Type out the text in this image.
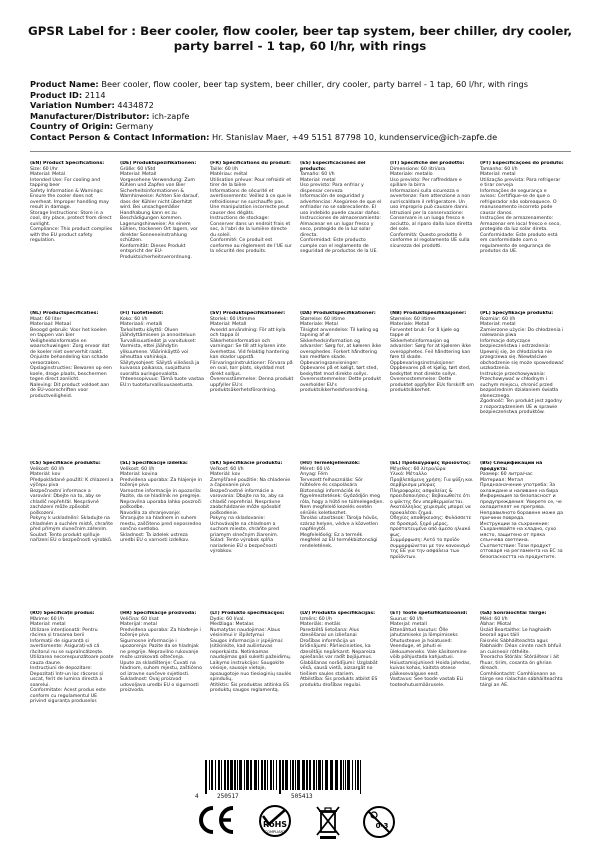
GPSR Label for : Beer cooler, flow cooler, beer tap system, beer chiller, dry cooler, party barrel - 1 tap, 60 l/hr, with rings
Product Name: Beer cooler, flow cooler, beer tap system, beer chiller, dry cooler, party barrel - 1 tap, 60 l/hr, with rings
Product ID: 2114
Variation Number: 4434872
Manufacturer/Distributor: ich-zapfe
Country of Origin: Germany
Contact Person & Contact Information: Hr. Stanislav Maer, +49 5151 87798 10, kundenservice@ich-zapfe.de
(EN) Product Specifications:
Size: 60 l/hr
Material: Metal
Intended Use: For cooling and tapping beer
Safety Information & Warnings: Ensure the cooler does not overheat. Improper handling may result in damage.
Storage Instructions: Store in a cool, dry place, protect from direct sunlight.
Compliance: This product complies with the EU product safety regulation.
(DE) Produktspezifikationen:
Größe: 60 l/Std
Material: Metall
Vorgesehene Verwendung: Zum Kühlen und Zapfen von Bier
Sicherheitsinformationen & Warnhinweise: Achten Sie darauf, dass der Kühler nicht überhitzt wird. Bei unsachgemäßer Handhabung kann es zu Beschädigungen kommen.
Lagerungshinweise: An einem kühlen, trockenen Ort lagern, vor direkter Sonneneinstrahlung schützen.
Konformität: Dieses Produkt entspricht der EU-Produktsicherheitsverordnung.
(FR) Spécifications du produit:
Taille: 60 l/h
Matériau: métal
Utilisation prévue: Pour refroidir et tirer de la bière
Informations de sécurité et avertissements: Veillez à ce que le refroidisseur ne surchauffe pas. Une manipulation incorrecte peut causer des dégâts.
Instructions de stockage: Conserver dans un endroit frais et sec, à l'abri de la lumière directe du soleil.
Conformité: Ce produit est conforme au règlement de l'UE sur la sécurité des produits.
(ES) Especificaciones del producto:
Tamaño: 60 l/h
Material: metal
Uso previsto: Para enfriar y dispensar cerveza
Información de seguridad y advertencias: Asegúrese de que el enfriador no se sobrecaliente. El uso indebido puede causar daños.
Instrucciones de almacenamiento: Almacenar en un lugar fresco y seco, protegido de la luz solar directa.
Conformidad: Este producto cumple con el reglamento de seguridad de productos de la UE.
(IT) Specifiche del prodotto:
Dimensione: 60 litri/ora
Materiale: metallo
Uso previsto: Per raffreddare e spillare la birra
Informazioni sulla sicurezza e avvertenze: Fare attenzione a non surriscaldare il refrigeratore. Un uso improprio può causare danni.
Istruzioni per la conservazione: Conservare in un luogo fresco e asciutto, al riparo dalla luce diretta del sole.
Conformità: Questo prodotto è conforme al regolamento UE sulla sicurezza dei prodotti.
(PT) Especificações do produto:
Tamanho: 60 l/h
Material: metal
Utilização prevista: Para refrigerar e tirar cerveja
Informações de segurança e avisos: Certifique-se de que o refrigerador não sobreaquece. O manuseamento incorreto pode causar danos.
Instruções de armazenamento: Armazenar em local fresco e seco, protegido da luz solar direta.
Conformidade: Este produto está em conformidade com o regulamento de segurança de produtos da UE.
(NL) Productspecificaties:
Maat: 60 liter
Materiaal: Metaal
Beoogd gebruik: Voor het koelen en tappen van bier
Veiligheidsinformatie en waarschuwingen: Zorg ervoor dat de koeler niet oververhit raakt. Onjuiste behandeling kan schade veroorzaken.
Opslaginstructies: Bewaren op een koele, droge plaats, beschermen tegen direct zonlicht.
Naleving: Dit product voldoet aan de EU-voorschriften voor productveiligheid.
(FI) Tuotetiedot:
Koko: 60 l/h
Materiaali: metalli
Tarkoitettu käyttö: Oluen jäähdyttämiseen ja annosteluun
Turvallisuustiedot ja varoitukset: Varmista, ettei jäähdytin ylikuumene. Väärinkäyttö voi aiheuttaa vahinkoja.
Säilytysohjeet: Säilytä viileässä ja kuivassa paikassa, suojattuna suoralta auringonvalolta.
Yhteensopivuus: Tämä tuote vastaa EU:n tuoteturvallisuusasetusta.
(SV) Produktspecifikationer:
Storlek: 60 l/timme
Material: Metall
Avsedd användning: För att kyla och tappa öl
Säkerhetsinformation och varningar: Se till att kylaren inte överhettas. Vid felaktig hantering kan skador uppstå.
Förvaringsinstruktioner: Förvara på en sval, torr plats, skyddad mot direkt solljus.
Överensstämmelse: Denna produkt uppfyller EU:s produktsäkerhetsförordning.
(DA) Produktspecifikationer:
Størrelse: 60 l/time
Materiale: Metal
Tilsigtet anvendelse: Til køling og tapning af øl
Sikkerhedsinformation og advarsler: Sørg for, at køleren ikke overophedes. Forkert håndtering kan medføre skade.
Opbevaringsanvisninger: Opbevares på et køligt, tørt sted, beskyttet mod direkte sollys.
Overensstemmelse: Dette produkt overholder EU's produktsikkerhedsforordning.
(NB) Produktspesifikasjoner:
Størrelse: 60 l/time
Materiale: Metall
Forventet bruk: For å kjøle og tappe øl
Sikkerhetsinformasjon og advarsler: Sørg for at kjøleren ikke overopphetes. Feil håndtering kan føre til skade.
Oppbevaringsinstruksjoner: Oppbevares på et kjølig, tørt sted, beskyttet mot direkte sollys.
Overensstemmelse: Dette produktet oppfyller EUs forskrift om produktsikkerhet.
(PL) Specyfikacje produktu:
Rozmiar: 60 l/h
Materiał: metal
Zamierzone użycie: Do chłodzenia i nalewania piwa
Informacje dotyczące bezpieczeństwa i ostrzeżenia: Upewnij się, że chłodziarka nie przegrzewa się. Niewłaściwe obchodzenie się może spowodować uszkodzenia.
Instrukcje przechowywania: Przechowywać w chłodnym i suchym miejscu, chronić przed bezpośrednim działaniem światła słonecznego.
Zgodność: Ten produkt jest zgodny z rozporządzeniem UE w sprawie bezpieczeństwa produktów.
(CS) Specifikace produktu:
Velikost: 60 l/h
Materiál: kov
Předpokládané použití: K chlazení a výčepu piva
Bezpečnostní informace a varování: Dbejte na to, aby se chladič nepřehřál. Nesprávné zacházení může způsobit poškození.
Pokyny k uskladnění: Skladujte na chladném a suchém místě, chraňte před přímým slunečním zářením.
Soulad: Tento produkt splňuje nařízení EU o bezpečnosti výrobků.
(SL) Specifikacije izdelka:
Velikost: 60 l/h
Material: kovina
Predvidena uporaba: Za hlajenje in točenje piva
Varnostne informacije in opozorila: Pazite, da se hladilnik ne pregreje. Nepravilna uporaba lahko povzroči poškodbe.
Navodila za shranjevanje: Shranjujte na hladnem in suhem mestu, zaščiteno pred neposredno sončno svetlobo.
Skladnost: Ta izdelek ustreza uredbi EU o varnosti izdelkov.
(SK) Špecifikácie produktu:
Veľkosť: 60 l/h
Materiál: kov
Zamýšľané použitie: Na chladenie a čapovanie piva
Bezpečnostné informácie a varovania: Dbajte na to, aby sa chladič neprehrial. Nesprávne zaobchádzanie môže spôsobiť poškodenie.
Pokyny na skladovanie: Uchovávajte na chladnom a suchom mieste, chráňte pred priamym slnečným žiarením.
Súlad: Tento výrobok spĺňa nariadenie EÚ o bezpečnosti výrobkov.
(HU) Termékjellemzők:
Méret: 60 l/ó
Anyag: Fém
Tervezett felhasználás: Sör hűtésére és csapolására
Biztonsági információk és figyelmeztetések: Győződjön meg róla, hogy a hűtő ne túlmelegedjen. Nem megfelelő kezelés esetén sérülés keletkezhet.
Tárolási utasítások: Tárolja hűvös, száraz helyen, védve a közvetlen napfénytől.
Megfelelőség: Ez a termék megfelel az EU termékbiztonsági rendeletének.
(EL) Προδιαγραφές προϊόντος:
Μέγεθος: 60 λίτρα/ώρα
Υλικό: Μέταλλο
Προβλεπόμενη χρήση: Για ψύξη και σερβίρισμα μπύρας
Πληροφορίες ασφαλείας & προειδοποιήσεις: Βεβαιωθείτε ότι ο ψύκτης δεν υπερθερμαίνεται. Ακατάλληλος χειρισμός μπορεί να προκαλέσει ζημιά.
Οδηγίες αποθήκευσης: Φυλάσσετε σε δροσερό, ξηρό μέρος, προστατευμένο από άμεσο ηλιακό φως.
Συμμόρφωση: Αυτό το προϊόν συμμορφώνεται με τον κανονισμό της ΕΕ για την ασφάλεια των προϊόντων.
(BG) Спецификации на продукта:
Размер: 60 литра/час
Материал: Метал
Предназначение употреба: За охлаждане и наливане на бира
Информация за безопасност и предупреждения: Уверете се, че охладителят не прегрява. Неправилното боравене може да причини повреда.
Инструкции за съхранение: Съхранявайте на хладно, сухо място, защитено от пряка слънчева светлина.
Съответствие: Този продукт отговаря на регламента на ЕС за безопасността на продуктите.
(RO) Specificații produs:
Mărime: 60 l/h
Material: metal
Utilizare intenționată: Pentru răcirea și trasarea berii
Informații de siguranță și avertismente: Asigurați-vă că răcitorul nu se supraîncălzește. Utilizarea necorespunzătoare poate cauza daune.
Instrucțiuni de depozitare: Depozitați într-un loc răcoros și uscat, ferit de lumina directă a soarelui.
Conformitate: Acest produs este conform cu regulamentul UE privind siguranța produselor.
(HR) Specifikacije proizvoda:
Veličina: 60 l/sat
Materijal: metal
Predviđena uporaba: Za hlađenje i točenje piva
Sigurnosne informacije i upozorenja: Pazite da se hladnjak ne pregrije. Nepravilno rukovanje može uzrokovati oštećenja.
Upute za skladištenje: Čuvati na hladnom, suhom mjestu, zaštićeno od izravne sunčeve svjetlosti.
Sukladnost: Ovaj proizvod udovoljava uredbi EU o sigurnosti proizvoda.
(LT) Produkto specifikacijos:
Dydis: 60 l/val.
Medžiaga: Metalas
Numatytas naudojimas: Alaus vėsinimui ir išpilstymui
Saugos informacija ir įspėjimai: Įsitikinkite, kad aušintuvas neperkaista. Netinkamas naudojimas gali sukelti pažeidimų.
Laikymo instrukcijos: Saugokite vėsioje, sausoje vietoje, apsaugotoje nuo tiesioginių saulės spindulių.
Atitiktis: Šis produktas atitinka ES produktų saugos reglamentą.
(LV) Produkta specifikācijas:
Izmērs: 60 l/h
Materiāls: metāls
Paredzētā lietošana: Alus dzesēšanai un izliešanai
Drošības informācija un brīdinājumi: Pārliecinieties, ka dzesētājs nepārkarst. Nepareiza apiešanās var radīt bojājumus.
Glabāšanas norādījumi: Uzglabāt vēsā, sausā vietā, aizsargāt no tiešiem saules stariem.
Atbilstība: Šis produkts atbilst ES produktu drošības regulai.
(ET) Toote spetsifikatsioonid:
Suurus: 60 l/h
Materjal: metall
Ettenähtud kasutus: Õlle jahutamiseks ja lõmpimiseks
Ohutusteave ja hoiatused: Veenduge, et jahuti ei ülekuumeneks. Vale käsitsemine võib põhjustada kahjustusi.
Hoiustamisjuhised: Hoida jahedas, kuivas kohas, kaitsta otsese päikesevalguse eest.
Vastavus: See toode vastab ELi tooteohutusmäärusele.
(GA) Sonraíochtaí Táirge:
Méid: 60 l/h
Ábhar: Miotal
Úsáid Beartaithe: Le haghaidh beoraíl agus táilí
Faisnéis Sábháilteachta agus Rabhaidh: Déan cinnte nach bhfuil an cuisneoir róthéite.
Treoracha Stórála: Stóráiltear i áit fhuar, tirim, cosanta ón ghrian díreach.
Comhlíontacht: Comhlíonann an táirge seo rialachán sábháilteachta táirgí an AE.
4	250517	505413
RoHS
COMPLIANT
0-3
